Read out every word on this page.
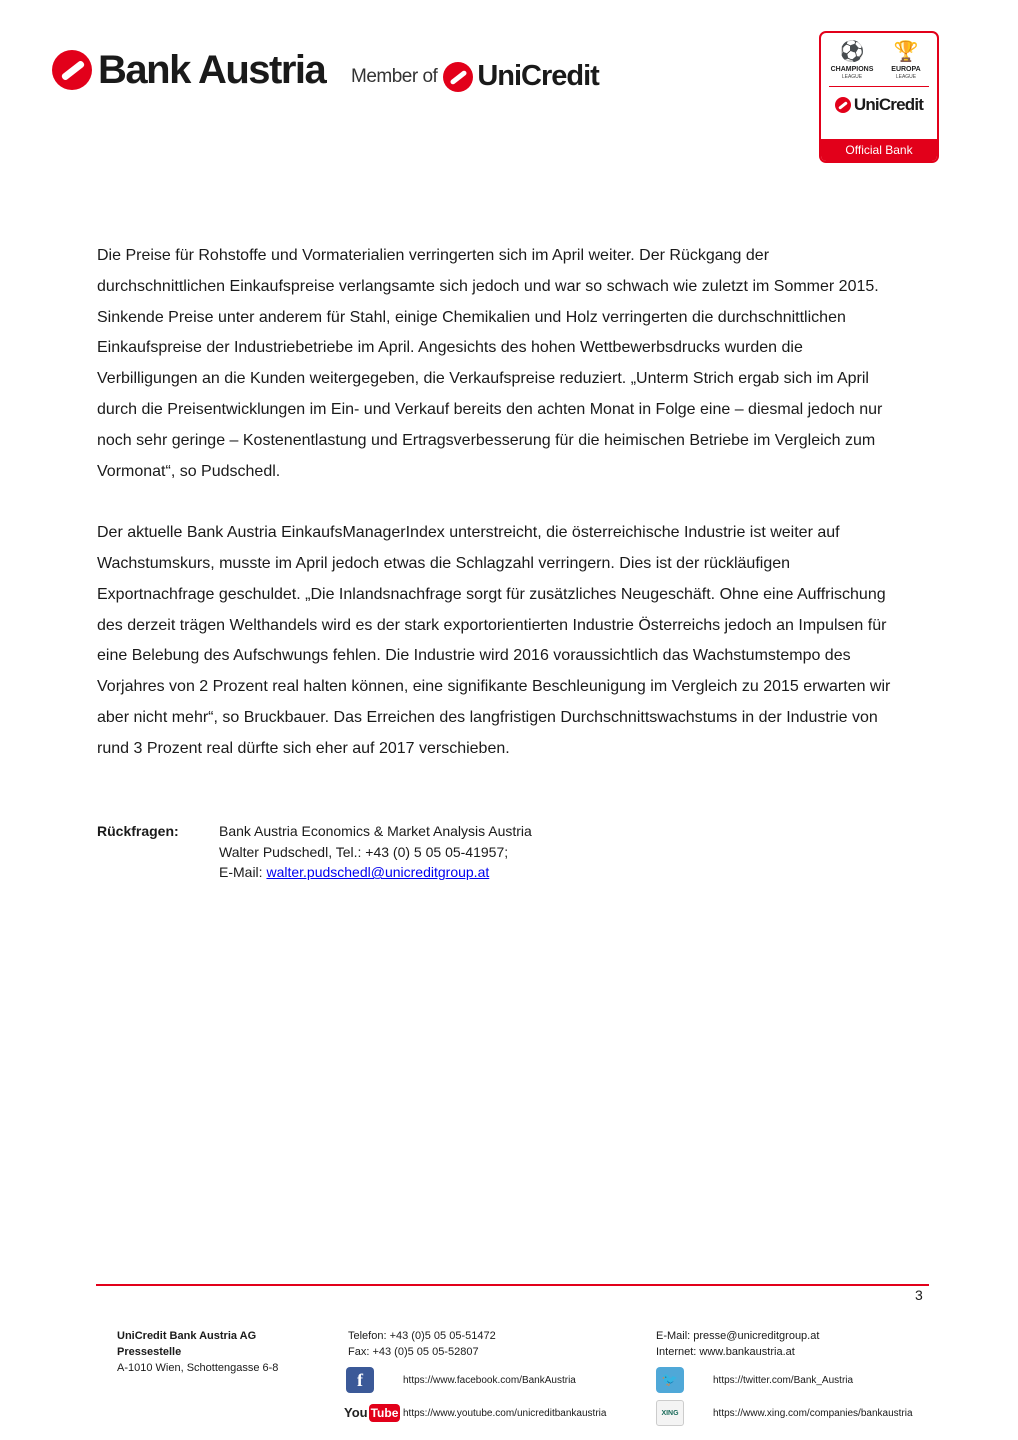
Bank Austria Member of UniCredit
⚽
CHAMPIONS
LEAGUE
🏆
EUROPA
LEAGUE
UniCredit
Official Bank

Die Preise für Rohstoffe und Vormaterialien verringerten sich im April weiter. Der Rückgang der durchschnittlichen Einkaufspreise verlangsamte sich jedoch und war so schwach wie zuletzt im Sommer 2015. Sinkende Preise unter anderem für Stahl, einige Chemikalien und Holz verringerten die durchschnittlichen Einkaufspreise der Industriebetriebe im April. Angesichts des hohen Wettbewerbsdrucks wurden die Verbilligungen an die Kunden weitergegeben, die Verkaufspreise reduziert. „Unterm Strich ergab sich im April durch die Preisentwicklungen im Ein- und Verkauf bereits den achten Monat in Folge eine – diesmal jedoch nur noch sehr geringe – Kostenentlastung und Ertragsverbesserung für die heimischen Betriebe im Vergleich zum Vormonat“, so Pudschedl.

Der aktuelle Bank Austria EinkaufsManagerIndex unterstreicht, die österreichische Industrie ist weiter auf Wachstumskurs, musste im April jedoch etwas die Schlagzahl verringern. Dies ist der rückläufigen Exportnachfrage geschuldet. „Die Inlandsnachfrage sorgt für zusätzliches Neugeschäft. Ohne eine Auffrischung des derzeit trägen Welthandels wird es der stark exportorientierten Industrie Österreichs jedoch an Impulsen für eine Belebung des Aufschwungs fehlen. Die Industrie wird 2016 voraussichtlich das Wachstumstempo des Vorjahres von 2 Prozent real halten können, eine signifikante Beschleunigung im Vergleich zu 2015 erwarten wir aber nicht mehr“, so Bruckbauer. Das Erreichen des langfristigen Durchschnittswachstums in der Industrie von rund 3 Prozent real dürfte sich eher auf 2017 verschieben.

Rückfragen:	Bank Austria Economics & Market Analysis Austria
Walter Pudschedl, Tel.: +43 (0) 5 05 05-41957;
E-Mail: walter.pudschedl@unicreditgroup.at
3
UniCredit Bank Austria AG
Pressestelle
A-1010 Wien, Schottengasse 6-8
Telefon: +43 (0)5 05 05-51472
Fax: +43 (0)5 05 05-52807
E-Mail: presse@unicreditgroup.at
Internet: www.bankaustria.at
f	https://www.facebook.com/BankAustria	🐦	https://twitter.com/Bank_Austria
You Tube https://www.youtube.com/unicreditbankaustria	XING	https://www.xing.com/companies/bankaustria
